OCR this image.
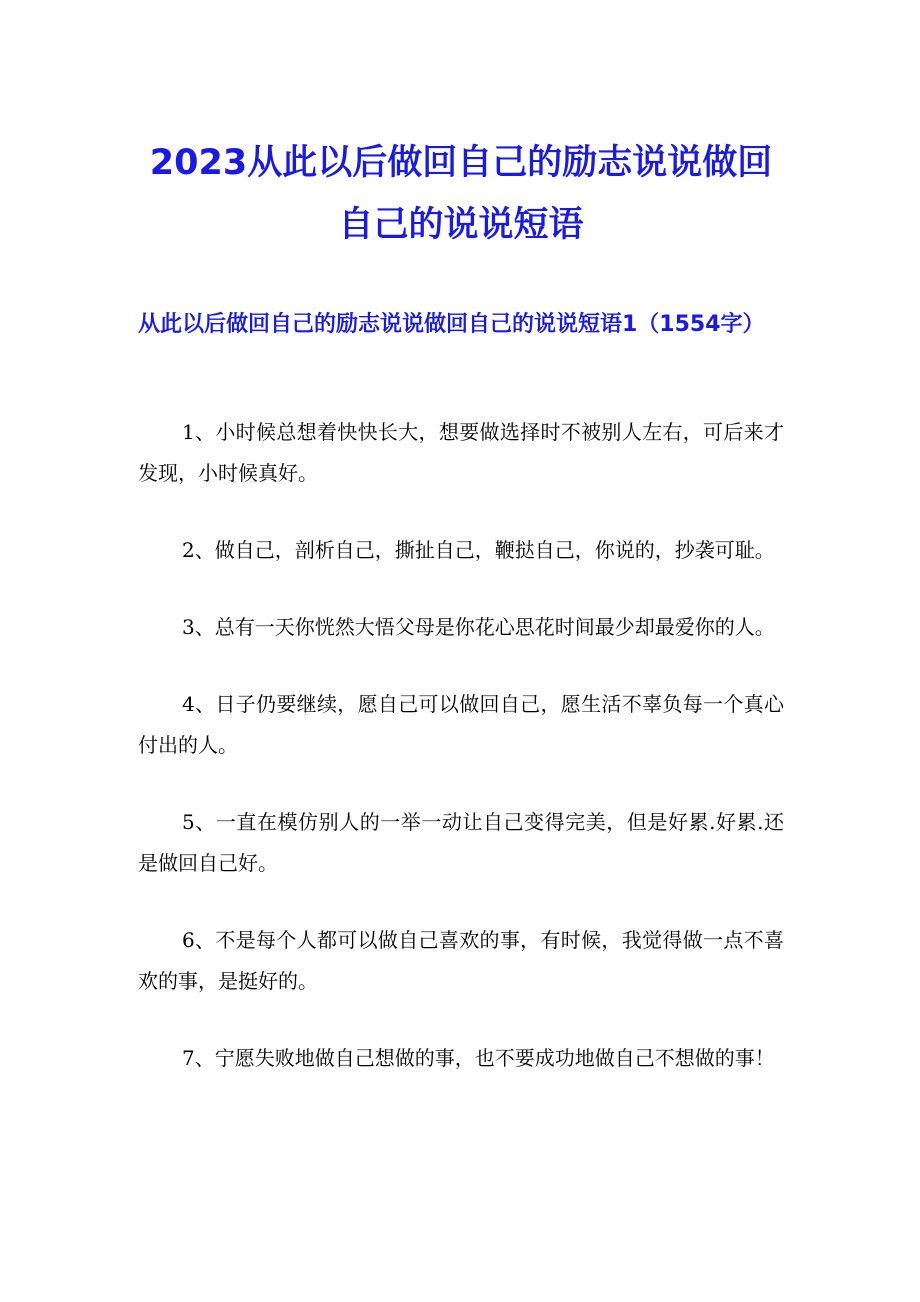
2023从此以后做回自己的励志说说做回自己的说说短语
从此以后做回自己的励志说说做回自己的说说短语1（1554字）
1、小时候总想着快快长大，想要做选择时不被别人左右，可后来才发现，小时候真好。
2、做自己，剖析自己，撕扯自己，鞭挞自己，你说的，抄袭可耻。
3、总有一天你恍然大悟父母是你花心思花时间最少却最爱你的人。
4、日子仍要继续，愿自己可以做回自己，愿生活不辜负每一个真心付出的人。
5、一直在模仿别人的一举一动让自己变得完美，但是好累.好累.还是做回自己好。
6、不是每个人都可以做自己喜欢的事，有时候，我觉得做一点不喜欢的事，是挺好的。
7、宁愿失败地做自己想做的事，也不要成功地做自己不想做的事！
